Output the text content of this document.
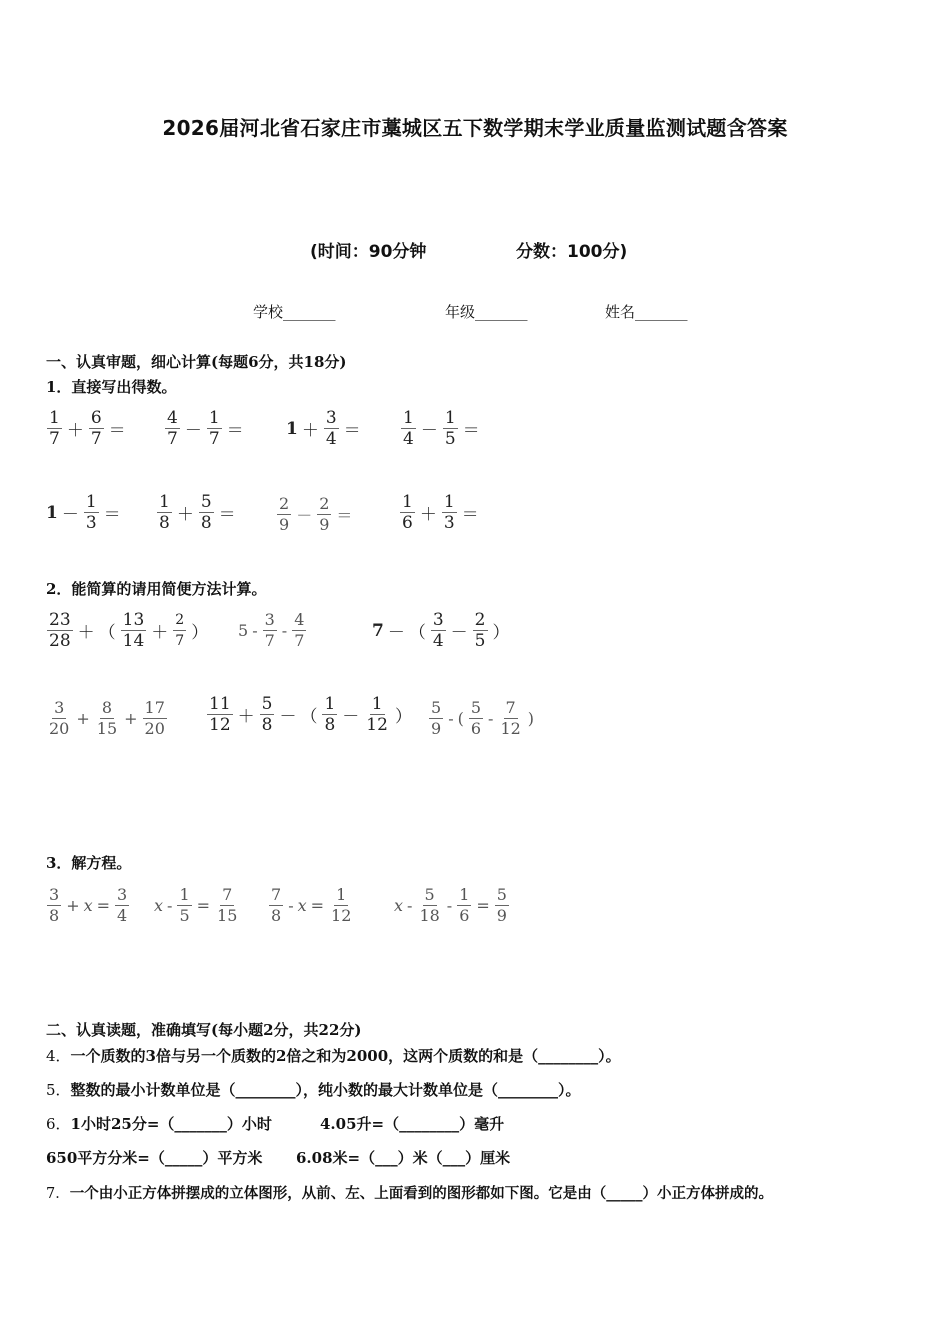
2026届河北省石家庄市藁城区五下数学期末学业质量监测试题含答案
(时间：90分钟	分数：100分)
学校_______	年级_______	姓名_______
一、认真审题，细心计算(每题6分，共18分)
1．直接写出得数。
1
7 ＋
6
7 ＝
4
7 －
1
7 ＝ 1 ＋
3
4 ＝
1
4 －
1
5 ＝
1 －
1
3 ＝
1
8 ＋
5
8 ＝
2
9 －
2
9 ＝
1
6 ＋
1
3 ＝
2．能简算的请用简便方法计算。
23
28 ＋ （
13
14 ＋
2
7 ） 5 -
3
7
-
4
7	7 － （
3
4 －
2
5 ）
3
20
+ $\frac{8}{15} + \frac{17}{20} 11$
12 ＋
5
8 － （
1
8 －
1
12 ） 5
9
- (
5
6
-
7
12
)
3．解方程。
3
8
+ $x = \frac{3}{4}$ $x - \frac{1}{5} = \frac{7}{15} 7$
8
- $x = \frac{1}{12}$	x -
5
18
- $\frac{1}{6} = \frac{5}{9}$
二、认真读题，准确填写(每小题2分，共22分)
4．一个质数的3倍与另一个质数的2倍之和为2000，这两个质数的和是（________）。
5．整数的最小计数单位是（________），纯小数的最大计数单位是（________）。
6．1小时25分=（_______）小时	4.05升=（________）毫升
650平方分米=（_____）平方米 6.08米=（___）米（___）厘米
7．一个由小正方体拼摆成的立体图形，从前、左、上面看到的图形都如下图。它是由（_____）小正方体拼成的。
